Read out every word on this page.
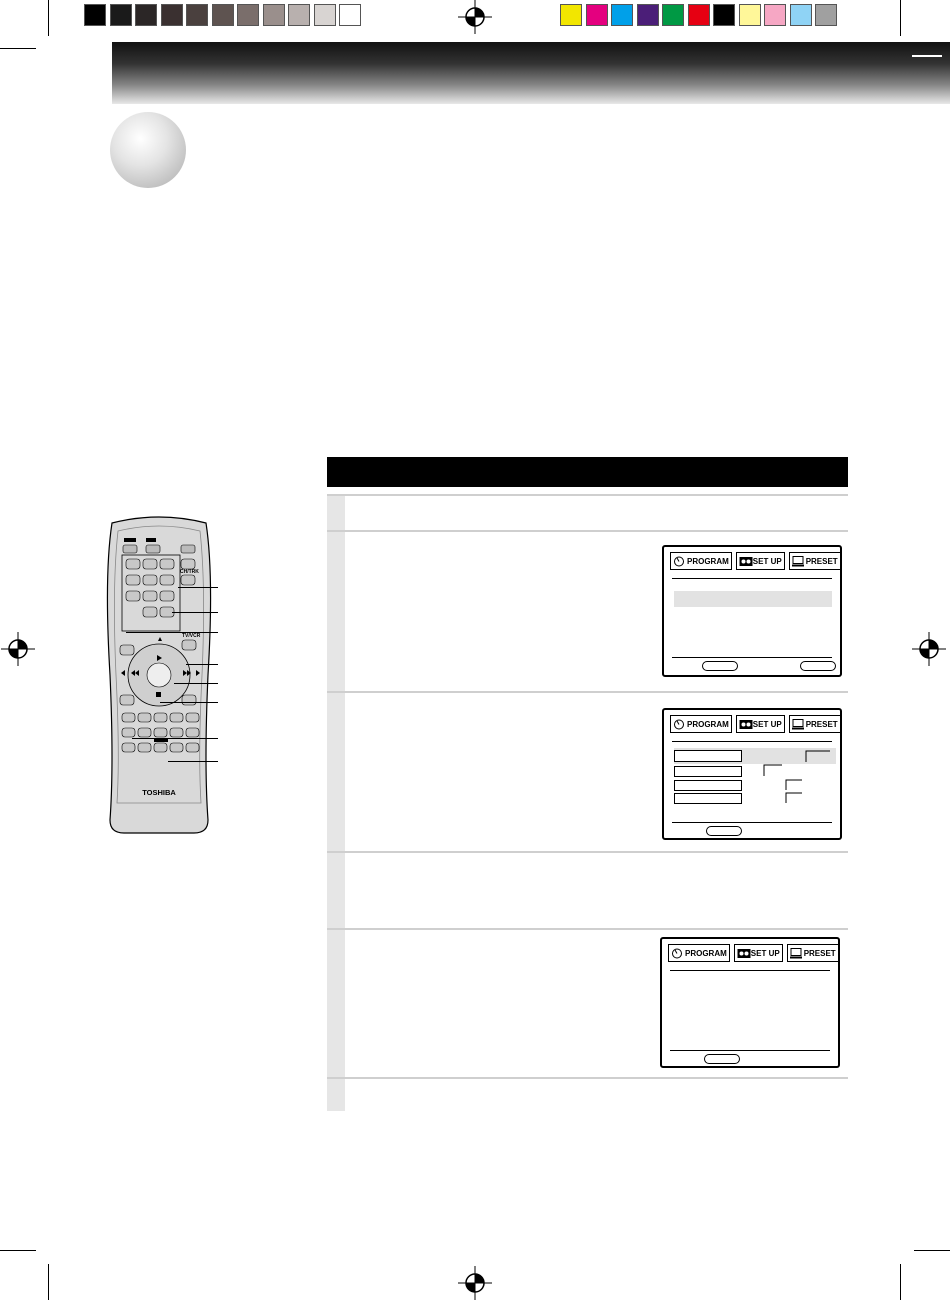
PROGRAM	SET UP	PRESET
PROGRAM	SET UP	PRESET
PROGRAM	SET UP	PRESET
CH/TRK
TV/VCR
TOSHIBA
